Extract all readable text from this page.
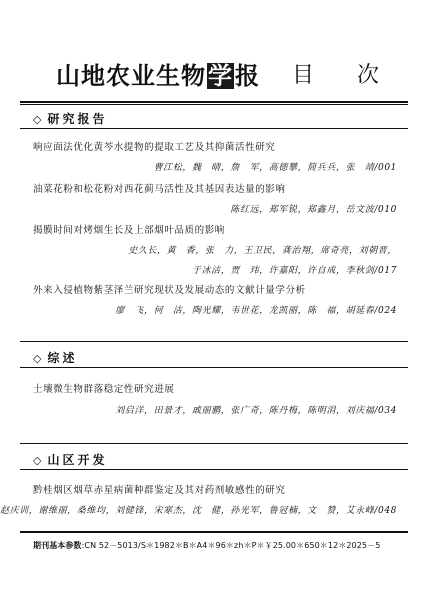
山地农业生物学报 目 次
◇ 研究报告
响应面法优化黄芩水提物的提取工艺及其抑菌活性研究
曹江松，魏　晴，詹　军，高德攀，简兵兵，张　靖/001
油菜花粉和松花粉对西花蓟马活性及其基因表达量的影响
陈红远，郑军锐，郑鑫月，岳文波/010
揭膜时间对烤烟生长及上部烟叶品质的影响
史久长，黄　香，张　力，王卫民，龚治翔，席奇亮，刘朝晋，
于冰洁，贾　玮，许嘉阳，许自成，李秋剑/017
外来入侵植物紫茎泽兰研究现状及发展动态的文献计量学分析
廖　飞，何　洁，陶光耀，韦世花，龙凯丽，陈　福，胡延春/024
◇ 综述
土壤微生物群落稳定性研究进展
刘启洋，田景才，戚丽鹏，张广奇，陈丹梅，陈明涓，刘庆福/034
◇ 山区开发
黔桂烟区烟草赤星病菌种群鉴定及其对药剂敏感性的研究
赵庆训，谢维丽，桑维均，刘健锋，宋寒杰，沈　健，孙光军，鲁冠楠，文　赞，艾永峰/048
期刊基本参数:CN 52－5013/S＊1982＊B＊A4＊96＊zh＊P＊￥25.00＊650＊12＊2025－5
